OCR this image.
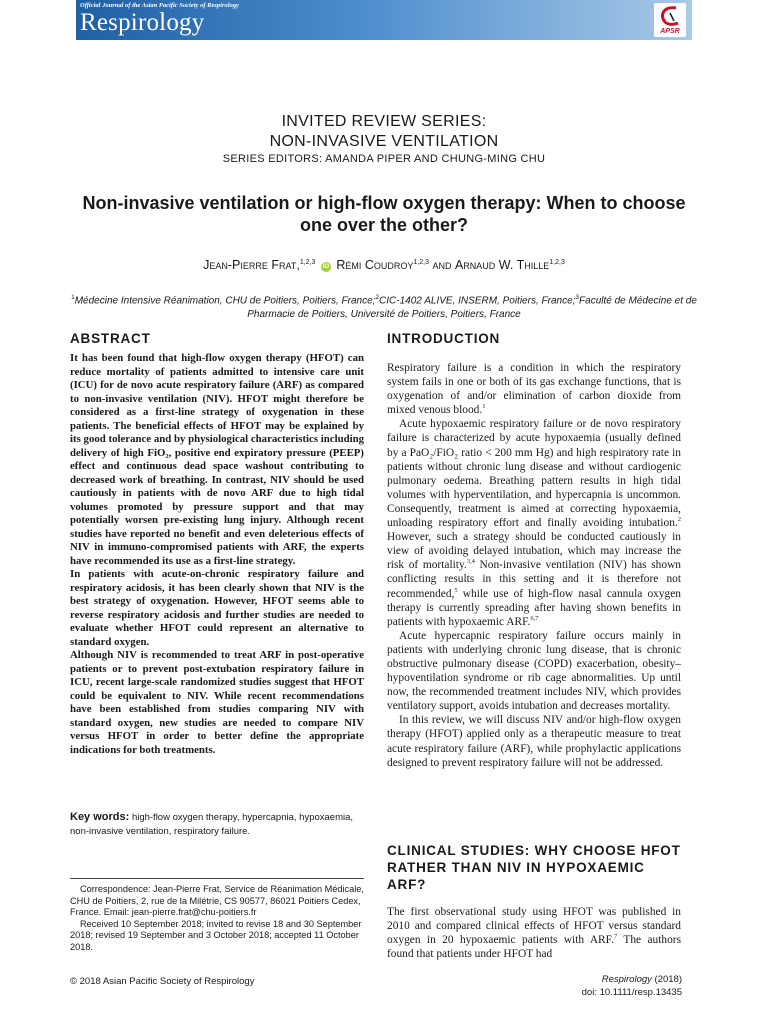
Official Journal of the Asian Pacific Society of Respirology
Respirology	APSR
INVITED REVIEW SERIES:
NON-INVASIVE VENTILATION
SERIES EDITORS: AMANDA PIPER AND CHUNG-MING CHU
Non-invasive ventilation or high-flow oxygen therapy: When to choose one over the other?
Jean-Pierre Frat,$^{1,2,3}$ iD Rémi Coudroy$^{1,2,3}$ and Arnaud W. Thille$^{1,2,3}$
$^1$Médecine Intensive Réanimation, CHU de Poitiers, Poitiers, France;$^2$CIC-1402 ALIVE, INSERM, Poitiers, France;$^3$Faculté de Médecine et de Pharmacie de Poitiers, Université de Poitiers, Poitiers, France
ABSTRACT

It has been found that high-flow oxygen therapy (HFOT) can reduce mortality of patients admitted to intensive care unit (ICU) for de novo acute respiratory failure (ARF) as compared to non-invasive ventilation (NIV). HFOT might therefore be considered as a first-line strategy of oxygenation in these patients. The beneficial effects of HFOT may be explained by its good tolerance and by physiological characteristics including delivery of high FiO₂, positive end expiratory pressure (PEEP) effect and continuous dead space washout contributing to decreased work of breathing. In contrast, NIV should be used cautiously in patients with de novo ARF due to high tidal volumes promoted by pressure support and that may potentially worsen pre-existing lung injury. Although recent studies have reported no benefit and even deleterious effects of NIV in immuno-compromised patients with ARF, the experts have recommended its use as a first-line strategy.

In patients with acute-on-chronic respiratory failure and respiratory acidosis, it has been clearly shown that NIV is the best strategy of oxygenation. However, HFOT seems able to reverse respiratory acidosis and further studies are needed to evaluate whether HFOT could represent an alternative to standard oxygen.

Although NIV is recommended to treat ARF in post-operative patients or to prevent post-extubation respiratory failure in ICU, recent large-scale randomized studies suggest that HFOT could be equivalent to NIV. While recent recommendations have been established from studies comparing NIV with standard oxygen, new studies are needed to compare NIV versus HFOT in order to better define the appropriate indications for both treatments.

Key words: high-flow oxygen therapy, hypercapnia, hypoxaemia, non-invasive ventilation, respiratory failure.

Correspondence: Jean-Pierre Frat, Service de Réanimation Médicale, CHU de Poitiers, 2, rue de la Milétrie, CS 90577, 86021 Poitiers Cedex, France. Email: jean-pierre.frat@chu-poitiers.fr

Received 10 September 2018; invited to revise 18 and 30 September 2018; revised 19 September and 3 October 2018; accepted 11 October 2018.

INTRODUCTION

Respiratory failure is a condition in which the respiratory system fails in one or both of its gas exchange functions, that is oxygenation of and/or elimination of carbon dioxide from mixed venous blood.$^1$

Acute hypoxaemic respiratory failure or de novo respiratory failure is characterized by acute hypoxaemia (usually defined by a PaO₂/FiO₂ ratio < 200 mm Hg) and high respiratory rate in patients without chronic lung disease and without cardiogenic pulmonary oedema. Breathing pattern results in high tidal volumes with hyperventilation, and hypercapnia is uncommon. Consequently, treatment is aimed at correcting hypoxaemia, unloading respiratory effort and finally avoiding intubation.$^2$ However, such a strategy should be conducted cautiously in view of avoiding delayed intubation, which may increase the risk of mortality.$^{3,4}$ Non-invasive ventilation (NIV) has shown conflicting results in this setting and it is therefore not recommended,$^5$ while use of high-flow nasal cannula oxygen therapy is currently spreading after having shown benefits in patients with hypoxaemic ARF.$^{6,7}$

Acute hypercapnic respiratory failure occurs mainly in patients with underlying chronic lung disease, that is chronic obstructive pulmonary disease (COPD) exacerbation, obesity–hypoventilation syndrome or rib cage abnormalities. Up until now, the recommended treatment includes NIV, which provides ventilatory support, avoids intubation and decreases mortality.

In this review, we will discuss NIV and/or high-flow oxygen therapy (HFOT) applied only as a therapeutic measure to treat acute respiratory failure (ARF), while prophylactic applications designed to prevent respiratory failure will not be addressed.

CLINICAL STUDIES: WHY CHOOSE HFOT RATHER THAN NIV IN HYPOXAEMIC ARF?

The first observational study using HFOT was published in 2010 and compared clinical effects of HFOT versus standard oxygen in 20 hypoxaemic patients with ARF.$^7$ The authors found that patients under HFOT had

© 2018 Asian Pacific Society of Respirology	Respirology (2018)
doi: 10.1111/resp.13435
